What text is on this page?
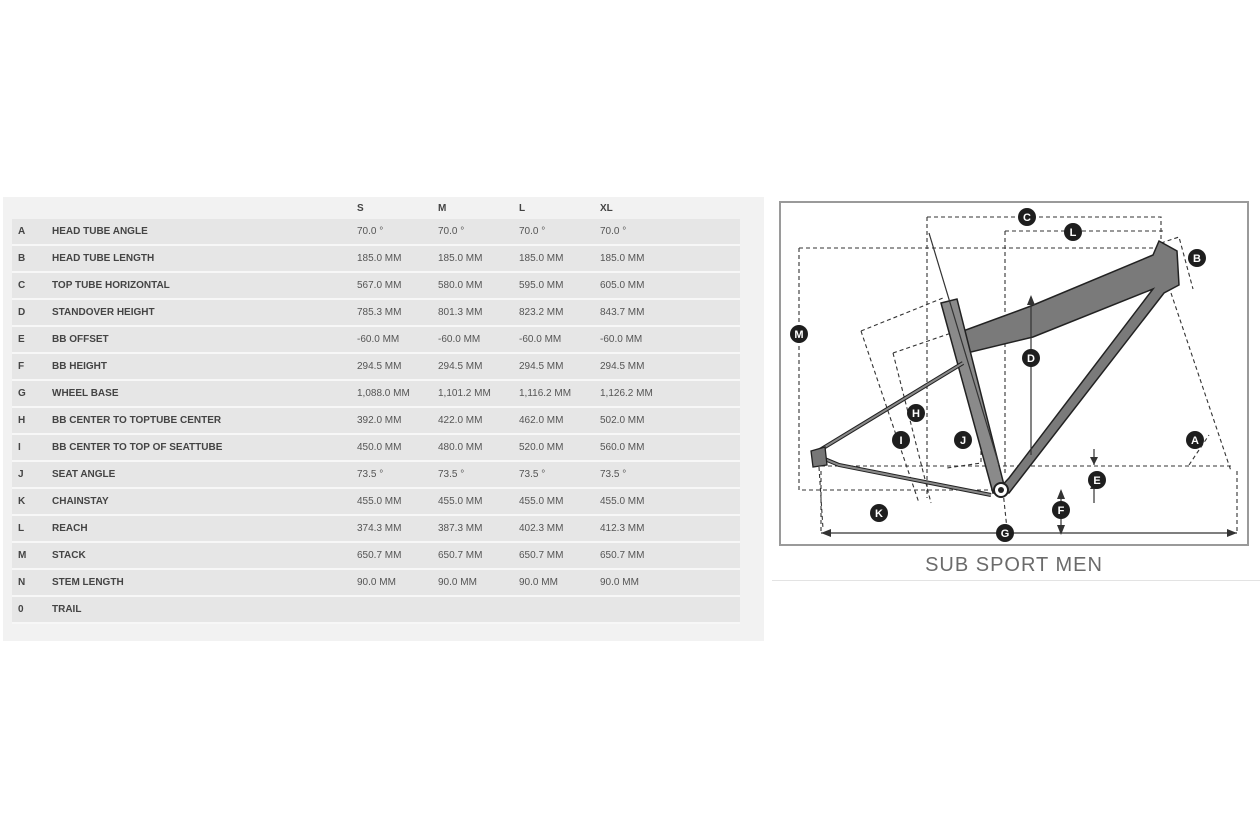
		S	M	L	XL
A	HEAD TUBE ANGLE	70.0 °	70.0 °	70.0 °	70.0 °
B	HEAD TUBE LENGTH	185.0 MM	185.0 MM	185.0 MM	185.0 MM
C	TOP TUBE HORIZONTAL	567.0 MM	580.0 MM	595.0 MM	605.0 MM
D	STANDOVER HEIGHT	785.3 MM	801.3 MM	823.2 MM	843.7 MM
E	BB OFFSET	-60.0 MM	-60.0 MM	-60.0 MM	-60.0 MM
F	BB HEIGHT	294.5 MM	294.5 MM	294.5 MM	294.5 MM
G	WHEEL BASE	1,088.0 MM	1,101.2 MM	1,116.2 MM	1,126.2 MM
H	BB CENTER TO TOPTUBE CENTER	392.0 MM	422.0 MM	462.0 MM	502.0 MM
I	BB CENTER TO TOP OF SEATTUBE	450.0 MM	480.0 MM	520.0 MM	560.0 MM
J	SEAT ANGLE	73.5 °	73.5 °	73.5 °	73.5 °
K	CHAINSTAY	455.0 MM	455.0 MM	455.0 MM	455.0 MM
L	REACH	374.3 MM	387.3 MM	402.3 MM	412.3 MM
M	STACK	650.7 MM	650.7 MM	650.7 MM	650.7 MM
N	STEM LENGTH	90.0 MM	90.0 MM	90.0 MM	90.0 MM
0	TRAIL				
A
B
C
D
E
F
G
H
I	J
K
L
M
SUB SPORT MEN
